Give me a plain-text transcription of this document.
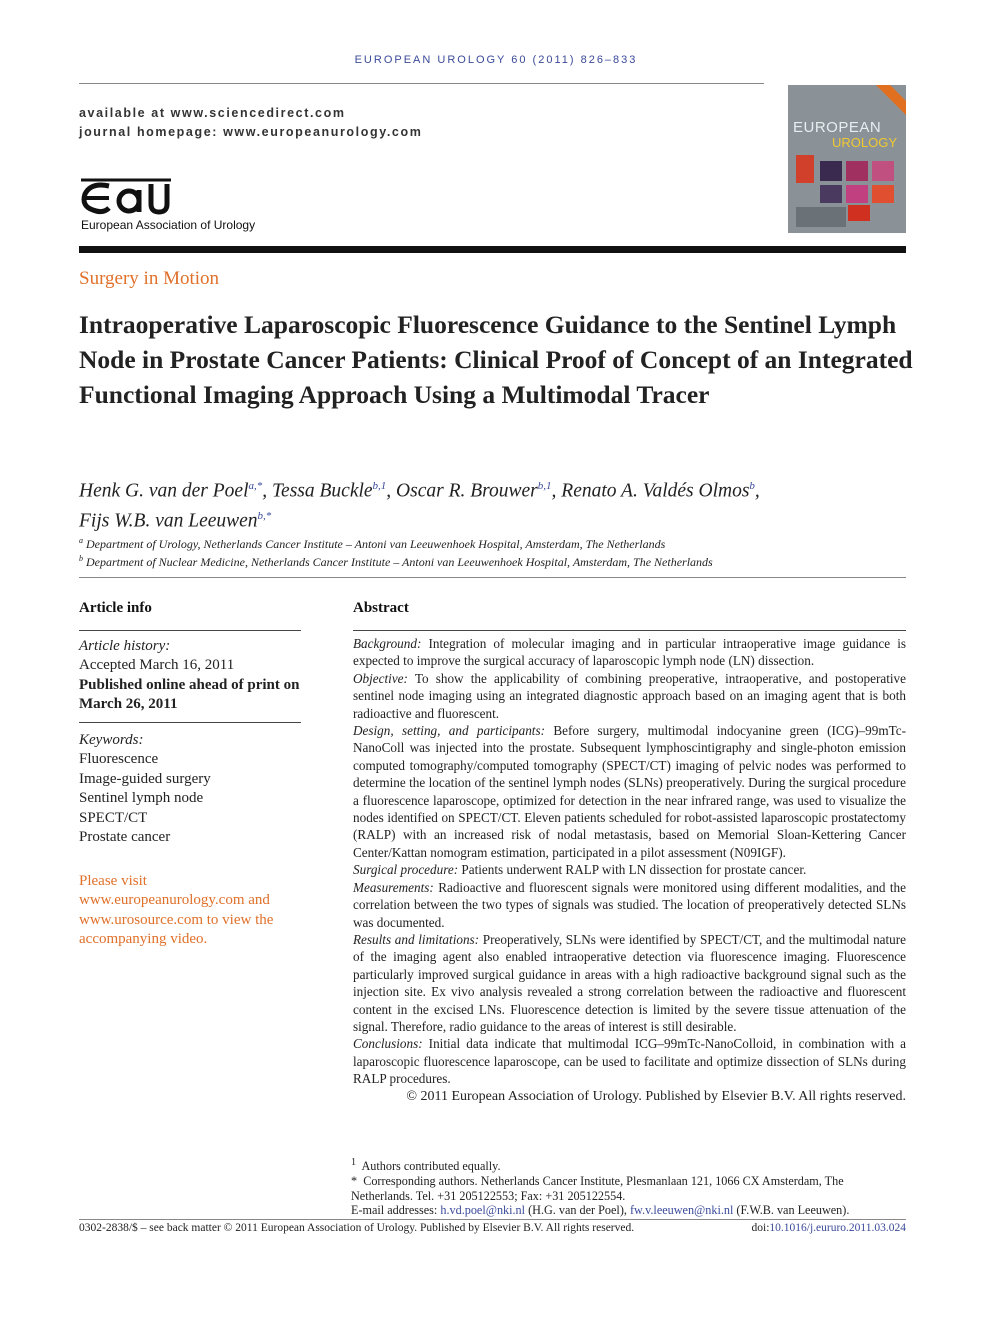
EUROPEAN UROLOGY 60 (2011) 826–833
available at www.sciencedirect.com
journal homepage: www.europeanurology.com
European Association of Urology
EUROPEAN
UROLOGY
Surgery in Motion
Intraoperative Laparoscopic Fluorescence Guidance to the Sentinel Lymph Node in Prostate Cancer Patients: Clinical Proof of Concept of an Integrated Functional Imaging Approach Using a Multimodal Tracer
Henk G. van der Poel$^{a,*}$, Tessa Buckle$^{b,1}$, Oscar R. Brouwer$^{b,1}$, Renato A. Valdés Olmos$^b$,
Fijs W.B. van Leeuwen$^{b,*}$
$^a$ Department of Urology, Netherlands Cancer Institute – Antoni van Leeuwenhoek Hospital, Amsterdam, The Netherlands
$^b$ Department of Nuclear Medicine, Netherlands Cancer Institute – Antoni van Leeuwenhoek Hospital, Amsterdam, The Netherlands
Article info	Abstract
Article history:
Accepted March 16, 2011
Published online ahead of print on March 26, 2011
Keywords:
Fluorescence
Image-guided surgery
Sentinel lymph node
SPECT/CT
Prostate cancer
Please visit www.europeanurology.com and www.urosource.com to view the accompanying video.

Background: Integration of molecular imaging and in particular intraoperative image guidance is expected to improve the surgical accuracy of laparoscopic lymph node (LN) dissection.

Objective: To show the applicability of combining preoperative, intraoperative, and postoperative sentinel node imaging using an integrated diagnostic approach based on an imaging agent that is both radioactive and fluorescent.

Design, setting, and participants: Before surgery, multimodal indocyanine green (ICG)–99mTc-NanoColl was injected into the prostate. Subsequent lymphoscintigraphy and single-photon emission computed tomography/computed tomography (SPECT/CT) imaging of pelvic nodes was performed to determine the location of the sentinel lymph nodes (SLNs) preoperatively. During the surgical procedure a fluorescence laparoscope, optimized for detection in the near infrared range, was used to visualize the nodes identified on SPECT/CT. Eleven patients scheduled for robot-assisted laparoscopic prostatectomy (RALP) with an increased risk of nodal metastasis, based on Memorial Sloan-Kettering Cancer Center/Kattan nomogram estimation, participated in a pilot assessment (N09IGF).

Surgical procedure: Patients underwent RALP with LN dissection for prostate cancer.

Measurements: Radioactive and fluorescent signals were monitored using different modalities, and the correlation between the two types of signals was studied. The location of preoperatively detected SLNs was documented.

Results and limitations: Preoperatively, SLNs were identified by SPECT/CT, and the multimodal nature of the imaging agent also enabled intraoperative detection via fluorescence imaging. Fluorescence particularly improved surgical guidance in areas with a high radioactive background signal such as the injection site. Ex vivo analysis revealed a strong correlation between the radioactive and fluorescent content in the excised LNs. Fluorescence detection is limited by the severe tissue attenuation of the signal. Therefore, radio guidance to the areas of interest is still desirable.

Conclusions: Initial data indicate that multimodal ICG–99mTc-NanoColloid, in combination with a laparoscopic fluorescence laparoscope, can be used to facilitate and optimize dissection of SLNs during RALP procedures.

© 2011 European Association of Urology. Published by Elsevier B.V. All rights reserved.

$^1$ Authors contributed equally.
*  Corresponding authors. Netherlands Cancer Institute, Plesmanlaan 121, 1066 CX Amsterdam, The Netherlands. Tel. +31 205122553; Fax: +31 205122554.
E-mail addresses: h.vd.poel@nki.nl (H.G. van der Poel), fw.v.leeuwen@nki.nl (F.W.B. van Leeuwen).
0302-2838/$ – see back matter © 2011 European Association of Urology. Published by Elsevier B.V. All rights reserved.	doi:10.1016/j.eururo.2011.03.024
